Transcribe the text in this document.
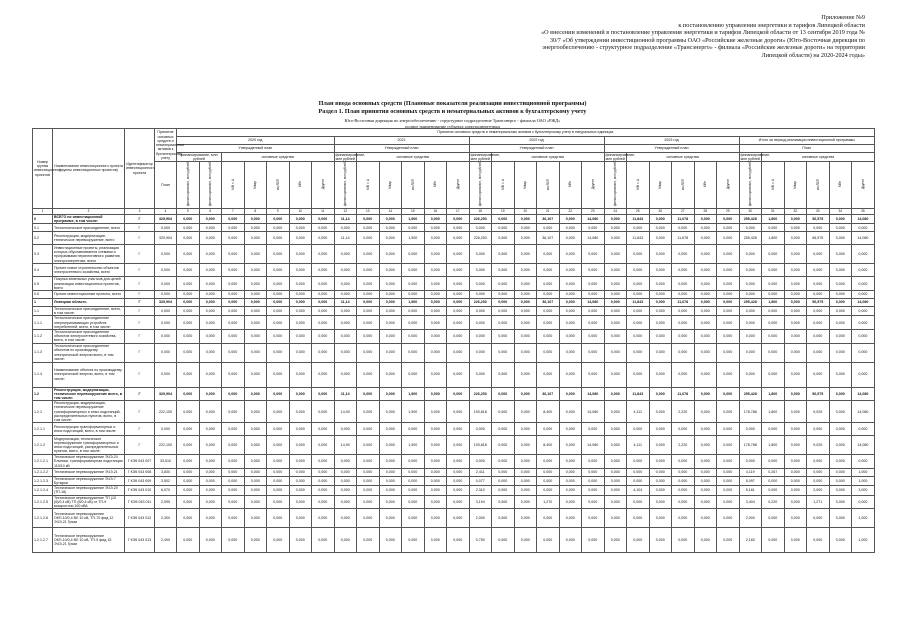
Приложение №9
к постановлению управления энергетики и тарифов Липецкой области
«О внесении изменений в постановление управления энергетики и тарифов Липецкой области от 13 сентября 2019 года №
30/7 «Об утверждении инвестиционной программы ОАО «Российские железные дороги» (Юго-Восточная дирекция по
энергообеспечению - структурное подразделение «Трансэнерго» - филиала «Российские железные дороги» на территории
Липецкой области) на 2020-2024 годы»
План ввода основных средств (Плановые показатели реализации инвестиционной программы)
Раздел 1. План принятия основных средств и нематериальных активов к бухгалтерскому учету
Юго-Восточная дирекция по энергообеспечению - структурное подразделение Трансэнерго - филиала ОАО «РЖД»
полное наименование субъекта электроэнергетики
Номер группы инвестиционных проектов	Наименование инвестиционного проекта (группы инвестиционных проектов)	Идентификатор инвестиционного проекта	Принятие основных средств и нематериальных активов к бухгалтерскому учету	Принятие основных средств и нематериальных активов к бухгалтерскому учету в натуральных единицах																														
				2020 год							2021						2022 год						2023 год						Итого за период реализации инвестиционной программы					
				Утвержденный план							Утвержденный план						Утвержденный план						Утвержденный план						План					
				финансирование, млн рублей		основные средства					финансирование, млн рублей	основные средства					финансирование, млн рублей	основные средства					финансирование, млн рублей	основные средства					финансирование, млн рублей	основные средства				
			План	финансирование, млн рублей	финансирование, млн рублей	МВ×А	Мвар	км ЛЭП	МВт	Другое	финансирование, млн рублей	МВ×А	Мвар	км ЛЭП	МВт	Другое	финансирование, млн рублей	МВ×А	Мвар	км ЛЭП	МВт	Другое	финансирование, млн рублей	МВ×А	Мвар	км ЛЭП	МВт	Другое	финансирование, млн рублей	МВ×А	Мвар	км ЛЭП	МВт	Другое
1	2	3	4	5	6	7	8	9	10	11	12	13	14	15	16	17	18	19	20	21	22	23	24	25	26	27	28	29	30	31	32	33	34	35
0	ВСЕГО по инвестиционной программе, в том числе:	Г	329,904	0,000	0,000	0,000	0,000	0,000	0,000	0,000	11,14	0,000	0,000	1,900	0,000	0,000	226,253	0,000	0,000	36,107	0,000	14,080	0,000	11,843	0,000	11,678	0,000	0,000	255,428	1,800	0,000	56,575	0,000	14,080
0.1	Технологическое присоединение, всего	Г	0,000	0,000	0,000	0,000	0,000	0,000	0,000	0,000	0,000	0,000	0,000	0,000	0,000	0,000	0,000	0,000	0,000	0,000	0,000	0,000	0,000	0,000	0,000	0,000	0,000	0,000	0,000	0,000	0,000	0,000	0,000	0,000
0.2	Реконструкция, модернизация, техническое перевооружение, всего	Г	329,904	0,000	0,000	0,000	0,000	0,000	0,000	0,000	11,14	0,000	0,000	1,900	0,000	0,000	226,253	0,000	0,000	36,107	0,000	14,080	0,000	11,843	0,000	11,678	0,000	0,000	255,428	1,800	0,000	56,575	0,000	14,080
0.3	Инвестиционные проекты, реализация которых обуславливается схемами и программами перспективного развития электроэнергетики, всего	Г	0,000	0,000	0,000	0,000	0,000	0,000	0,000	0,000	0,000	0,000	0,000	0,000	0,000	0,000	0,000	0,000	0,000	0,000	0,000	0,000	0,000	0,000	0,000	0,000	0,000	0,000	0,000	0,000	0,000	0,000	0,000	0,000
0.4	Прочее новое строительство объектов электросетевого хозяйства, всего	Г	0,000	0,000	0,000	0,000	0,000	0,000	0,000	0,000	0,000	0,000	0,000	0,000	0,000	0,000	0,000	0,000	0,000	0,000	0,000	0,000	0,000	0,000	0,000	0,000	0,000	0,000	0,000	0,000	0,000	0,000	0,000	0,000
0.5	Покупка земельных участков для целей реализации инвестиционных проектов, всего	Г	0,000	0,000	0,000	0,000	0,000	0,000	0,000	0,000	0,000	0,000	0,000	0,000	0,000	0,000	0,000	0,000	0,000	0,000	0,000	0,000	0,000	0,000	0,000	0,000	0,000	0,000	0,000	0,000	0,000	0,000	0,000	0,000
0.6	Прочие инвестиционные проекты, всего	Г	0,000	0,000	0,000	0,000	0,000	0,000	0,000	0,000	0,000	0,000	0,000	0,000	0,000	0,000	0,000	0,000	0,000	0,000	0,000	0,000	0,000	0,000	0,000	0,000	0,000	0,000	0,000	0,000	0,000	0,000	0,000	0,000
1	Липецкая область	Г	329,904	0,000	0,000	0,000	0,000	0,000	0,000	0,000	11,14	0,000	0,000	1,900	0,000	0,000	226,253	0,000	0,000	36,107	0,000	14,080	0,000	11,843	0,000	11,678	0,000	0,000	255,428	1,800	0,000	56,575	0,000	14,080
1.1	Технологическое присоединение, всего, в том числе:	Г	0,000	0,000	0,000	0,000	0,000	0,000	0,000	0,000	0,000	0,000	0,000	0,000	0,000	0,000	0,000	0,000	0,000	0,000	0,000	0,000	0,000	0,000	0,000	0,000	0,000	0,000	0,000	0,000	0,000	0,000	0,000	0,000
1.1.1	Технологическое присоединение энергопринимающих устройств потребителей, всего, в том числе:	Г	0,000	0,000	0,000	0,000	0,000	0,000	0,000	0,000	0,000	0,000	0,000	0,000	0,000	0,000	0,000	0,000	0,000	0,000	0,000	0,000	0,000	0,000	0,000	0,000	0,000	0,000	0,000	0,000	0,000	0,000	0,000	0,000
1.1.2	Технологическое присоединение объектов электросетевого хозяйства, всего, в том числе:	Г	0,000	0,000	0,000	0,000	0,000	0,000	0,000	0,000	0,000	0,000	0,000	0,000	0,000	0,000	0,000	0,000	0,000	0,000	0,000	0,000	0,000	0,000	0,000	0,000	0,000	0,000	0,000	0,000	0,000	0,000	0,000	0,000
1.1.3	Технологическое присоединение объектов по производству электрической энергии всего, в том числе:	Г	0,000	0,000	0,000	0,000	0,000	0,000	0,000	0,000	0,000	0,000	0,000	0,000	0,000	0,000	0,000	0,000	0,000	0,000	0,000	0,000	0,000	0,000	0,000	0,000	0,000	0,000	0,000	0,000	0,000	0,000	0,000	0,000
1.1.4	Наименование объекта по производству электрической энергии, всего, в том числе:	Г	0,000	0,000	0,000	0,000	0,000	0,000	0,000	0,000	0,000	0,000	0,000	0,000	0,000	0,000	0,000	0,000	0,000	0,000	0,000	0,000	0,000	0,000	0,000	0,000	0,000	0,000	0,000	0,000	0,000	0,000	0,000	0,000
1.2	Реконструкция, модернизация, техническое перевооружение всего, в том числе:	Г	329,904	0,000	0,000	0,000	0,000	0,000	0,000	0,000	11,14	0,000	0,000	1,900	0,000	0,000	226,253	0,000	0,000	36,107	0,000	14,080	0,000	11,843	0,000	11,678	0,000	0,000	255,428	1,800	0,000	56,575	0,000	14,080
1.2.1	Реконструкция, модернизация, техническое перевооружение трансформаторных и иных подстанций, распределительных пунктов, всего, в том числе:	Г	222,100	0,000	0,000	0,000	0,000	0,000	0,000	0,000	14,90	0,000	0,000	1,900	0,000	0,000	193,818	0,000	0,000	8,400	0,000	14,080	0,000	4,111	0,000	2,220	0,000	0,000	178,788	1,800	0,000	9,025	0,000	14,080
1.2.1.1	Реконструкция трансформаторных и иных подстанций, всего, в том числе:	Г	0,000	0,000	0,000	0,000	0,000	0,000	0,000	0,000	0,000	0,000	0,000	0,000	0,000	0,000	0,000	0,000	0,000	0,000	0,000	0,000	0,000	0,000	0,000	0,000	0,000	0,000	0,000	0,000	0,000	0,000	0,000	0,000
1.2.1.2	Модернизация, техническое перевооружение трансформаторных и иных подстанций, распределительных пунктов, всего, в том числе:	Г	222,100	0,000	0,000	0,000	0,000	0,000	0,000	0,000	14,90	0,000	0,000	1,900	0,000	0,000	193,818	0,000	0,000	8,400	0,000	14,080	0,000	4,111	0,000	2,220	0,000	0,000	178,788	1,800	0,000	9,025	0,000	14,080
1.2.1.2.1	Техническое перевооружение ЭЧЭ-24 Ельники, трансформаторная подстанция 110/10 кВ	Г КЭ5 043 007	33,510	0,000	0,000	0,000	0,000	0,000	0,000	0,000	0,000	0,000	0,000	0,000	0,000	0,000	0,000	0,000	0,000	0,000	0,000	0,000	0,000	0,000	0,000	0,000	0,000	0,000	0,000	0,000	0,000	0,000	0,000	0,000
1.2.1.2.2	Техническое перевооружение ЭЧЭ-21	Г КЭ5 043 008	3,830	0,000	0,000	0,000	0,000	0,000	0,000	0,000	0,000	0,000	0,000	0,000	0,000	0,000	2,411	0,000	0,000	0,000	0,000	0,000	0,000	0,000	0,000	0,000	0,000	0,000	4,119	0,267	0,000	0,000	0,000	1,000
1.2.1.2.3	Техническое перевооружение ЭЧЭ-7 Бутырки	Г КЭ5 043 009	3,502	0,000	0,000	0,000	0,000	0,000	0,000	0,000	0,000	0,000	0,000	0,000	0,000	0,000	0,077	0,000	0,000	0,000	0,000	0,000	0,000	0,000	0,000	0,000	0,000	0,000	5,097	0,000	0,000	0,000	0,000	1,000
1.2.1.2.4	Техническое перевооружение ЭЧЭ-20 (ТП-16)	Г КЭ5 043 010	6,070	0,000	0,000	0,000	0,000	0,000	0,000	0,000	0,000	0,000	0,000	0,000	0,000	0,000	2,310	0,000	0,000	0,000	0,000	0,000	0,000	4,104	0,000	0,000	0,000	0,000	5,161	0,000	0,000	2,000	0,000	3,000
1.2.1.2.5	Техническое перевооружение ТП (10 (6)/0,4 кВ) ТП (6/0,4 кВ) от ТП-9 мощностью 100 кВА	Г КЭ5 043 011	2,095	0,000	0,000	0,000	0,000	0,000	0,000	0,000	0,000	0,000	0,000	0,000	0,000	0,000	3,194	0,000	0,000	1,270	0,000	0,000	0,000	0,000	0,000	0,000	0,000	0,000	3,404	0,220	0,000	1,271	0,000	0,000
1.2.1.2.6	Техническое перевооружение ОКП-10/0,4 ВЛ 10 кВ, ТП-70 фид 12 ЭЧЭ-21 Грязи	Г КЭ5 043 012	2,300	0,000	0,000	0,000	0,000	0,000	0,000	0,000	0,000	0,000	0,000	0,000	0,000	0,000	2,000	0,000	0,000	0,000	0,000	0,000	0,000	0,000	0,000	0,000	0,000	0,000	2,000	0,000	0,000	0,000	0,000	1,000
1.2.1.2.7	Техническое перевооружение ОКП-10/0,4 ВЛ 10 кВ, ТП-9 фид 15 ЭЧЭ-21 Грязи	Г КЭ5 043 013	2,400	0,000	0,000	0,000	0,000	0,000	0,000	0,000	0,000	0,000	0,000	0,000	0,000	0,000	0,750	0,000	0,000	0,000	0,000	0,000	0,000	0,000	0,000	0,000	0,000	0,000	2,160	0,000	0,000	0,000	0,000	1,000
